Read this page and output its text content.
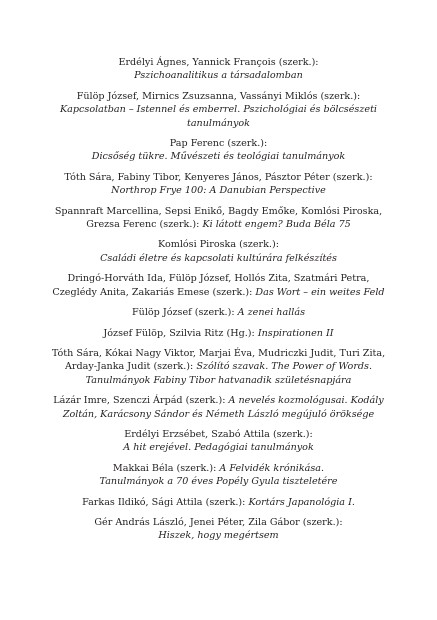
Erdélyi Ágnes, Yannick François (szerk.):
Pszichoanalitikus a társadalomban
Fülöp József, Mirnics Zsuzsanna, Vassányi Miklós (szerk.):
Kapcsolatban – Istennel és emberrel. Pszichológiai és bölcsészeti
tanulmányok
Pap Ferenc (szerk.):
Dicsőség tükre. Művészeti és teológiai tanulmányok
Tóth Sára, Fabiny Tibor, Kenyeres János, Pásztor Péter (szerk.):
Northrop Frye 100: A Danubian Perspective
Spannraft Marcellina, Sepsi Enikő, Bagdy Emőke, Komlósi Piroska,
Grezsa Ferenc (szerk.): Ki látott engem? Buda Béla 75
Komlósi Piroska (szerk.):
Családi életre és kapcsolati kultúrára felkészítés
Dringó-Horváth Ida, Fülöp József, Hollós Zita, Szatmári Petra,
Czeglédy Anita, Zakariás Emese (szerk.): Das Wort – ein weites Feld
Fülöp József (szerk.): A zenei hallás
József Fülöp, Szilvia Ritz (Hg.): Inspirationen II
Tóth Sára, Kókai Nagy Viktor, Marjai Éva, Mudriczki Judit, Turi Zita,
Arday-Janka Judit (szerk.): Szólító szavak. The Power of Words.
Tanulmányok Fabiny Tibor hatvanadik születésnapjára
Lázár Imre, Szenczi Árpád (szerk.): A nevelés kozmológusai. Kodály
Zoltán, Karácsony Sándor és Németh László megújuló öröksége
Erdélyi Erzsébet, Szabó Attila (szerk.):
A hit erejével. Pedagógiai tanulmányok
Makkai Béla (szerk.): A Felvidék krónikása.
Tanulmányok a 70 éves Popély Gyula tiszteletére
Farkas Ildikó, Sági Attila (szerk.): Kortárs Japanológia I.
Gér András László, Jenei Péter, Zila Gábor (szerk.):
Hiszek, hogy megértsem
